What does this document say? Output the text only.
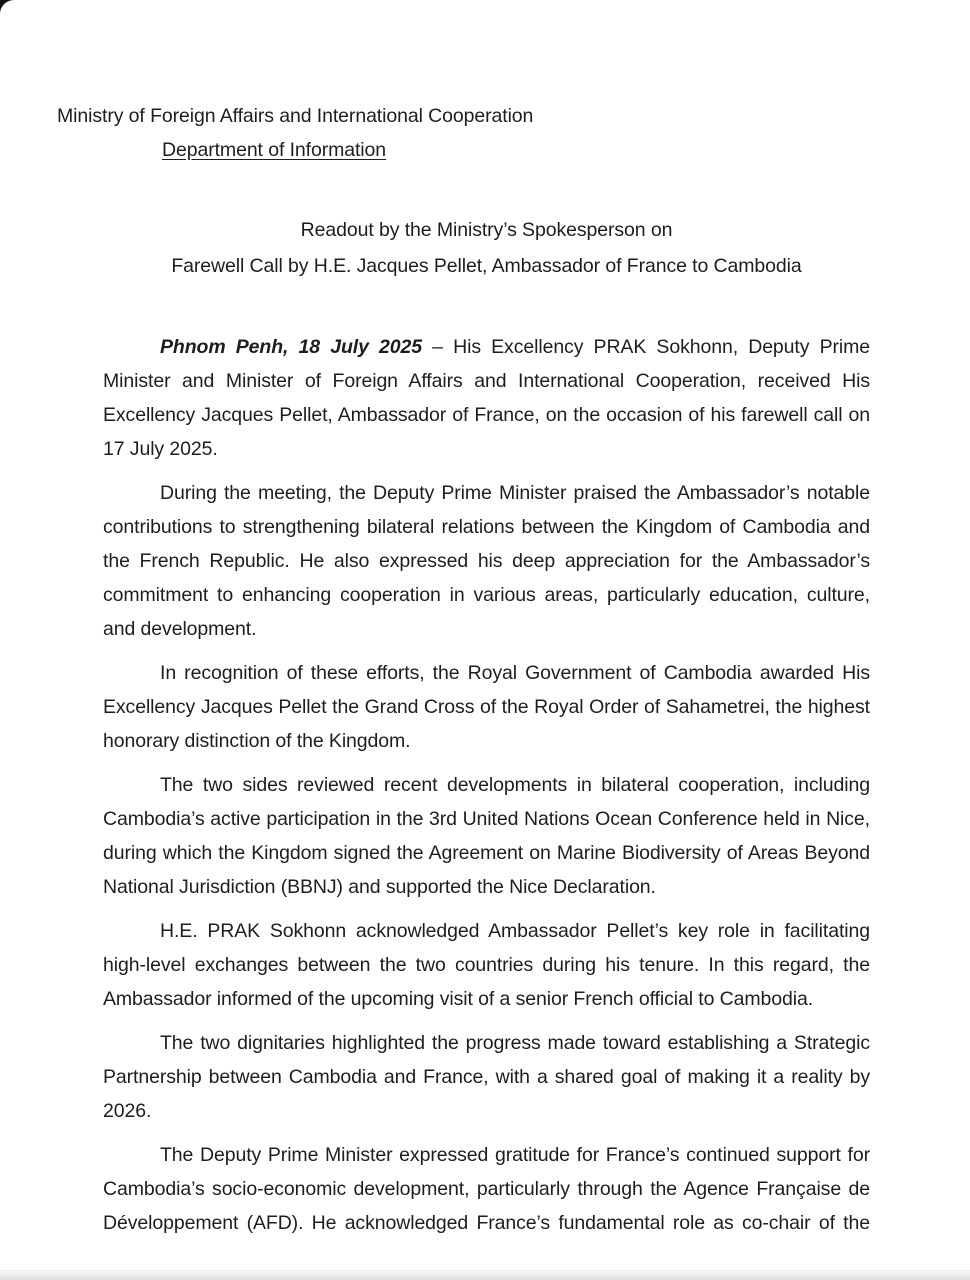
Ministry of Foreign Affairs and International Cooperation
Department of Information
Readout by the Ministry’s Spokesperson on
Farewell Call by H.E. Jacques Pellet, Ambassador of France to Cambodia

Phnom Penh, 18 July 2025 – His Excellency PRAK Sokhonn, Deputy Prime Minister and Minister of Foreign Affairs and International Cooperation, received His Excellency Jacques Pellet, Ambassador of France, on the occasion of his farewell call on 17 July 2025.

During the meeting, the Deputy Prime Minister praised the Ambassador’s notable contributions to strengthening bilateral relations between the Kingdom of Cambodia and the French Republic. He also expressed his deep appreciation for the Ambassador’s commitment to enhancing cooperation in various areas, particularly education, culture, and development.

In recognition of these efforts, the Royal Government of Cambodia awarded His Excellency Jacques Pellet the Grand Cross of the Royal Order of Sahametrei, the highest honorary distinction of the Kingdom.

The two sides reviewed recent developments in bilateral cooperation, including Cambodia’s active participation in the 3rd United Nations Ocean Conference held in Nice, during which the Kingdom signed the Agreement on Marine Biodiversity of Areas Beyond National Jurisdiction (BBNJ) and supported the Nice Declaration.

H.E. PRAK Sokhonn acknowledged Ambassador Pellet’s key role in facilitating high-level exchanges between the two countries during his tenure. In this regard, the Ambassador informed of the upcoming visit of a senior French official to Cambodia.

The two dignitaries highlighted the progress made toward establishing a Strategic Partnership between Cambodia and France, with a shared goal of making it a reality by 2026.

The Deputy Prime Minister expressed gratitude for France’s continued support for Cambodia’s socio-economic development, particularly through the Agence Française de Développement (AFD). He acknowledged France’s fundamental role as co-chair of the
